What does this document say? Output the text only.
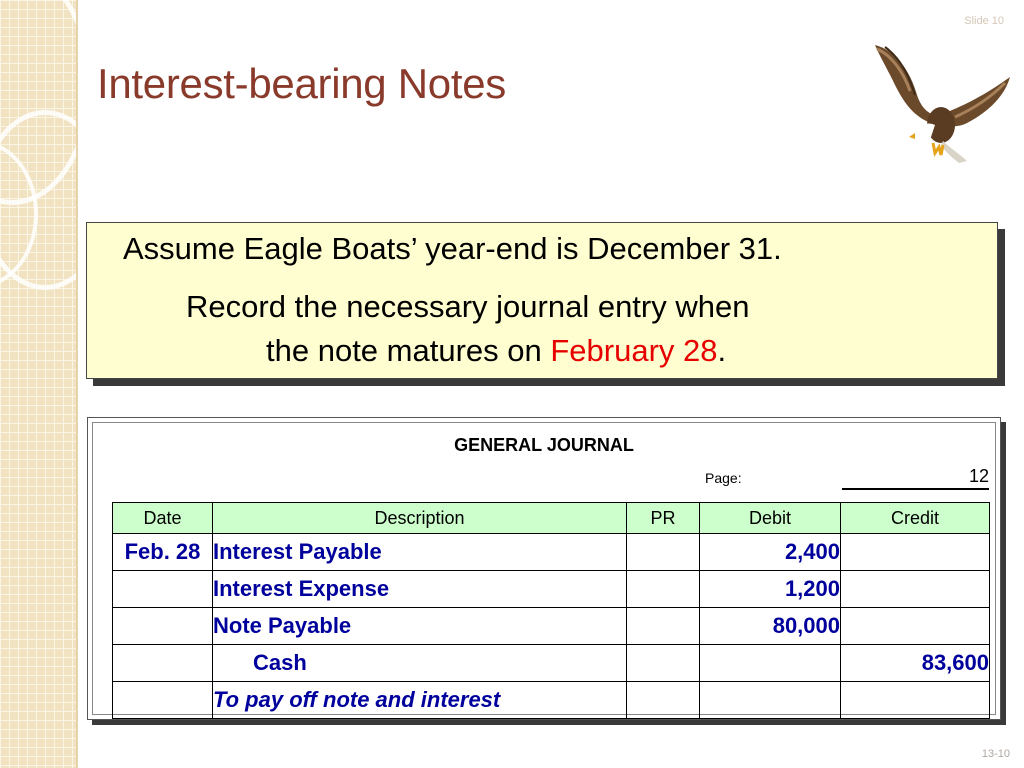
Slide 10
Interest-bearing Notes
Assume Eagle Boats’ year-end is December 31.
Record the necessary journal entry when
the note matures on February 28.
GENERAL JOURNAL
Page:	12
Date	Description	PR	Debit	Credit
Feb. 28	Interest Payable		2,400	
	Interest Expense		1,200	
	Note Payable		80,000	
	Cash			83,600
	To pay off note and interest			
13-10
